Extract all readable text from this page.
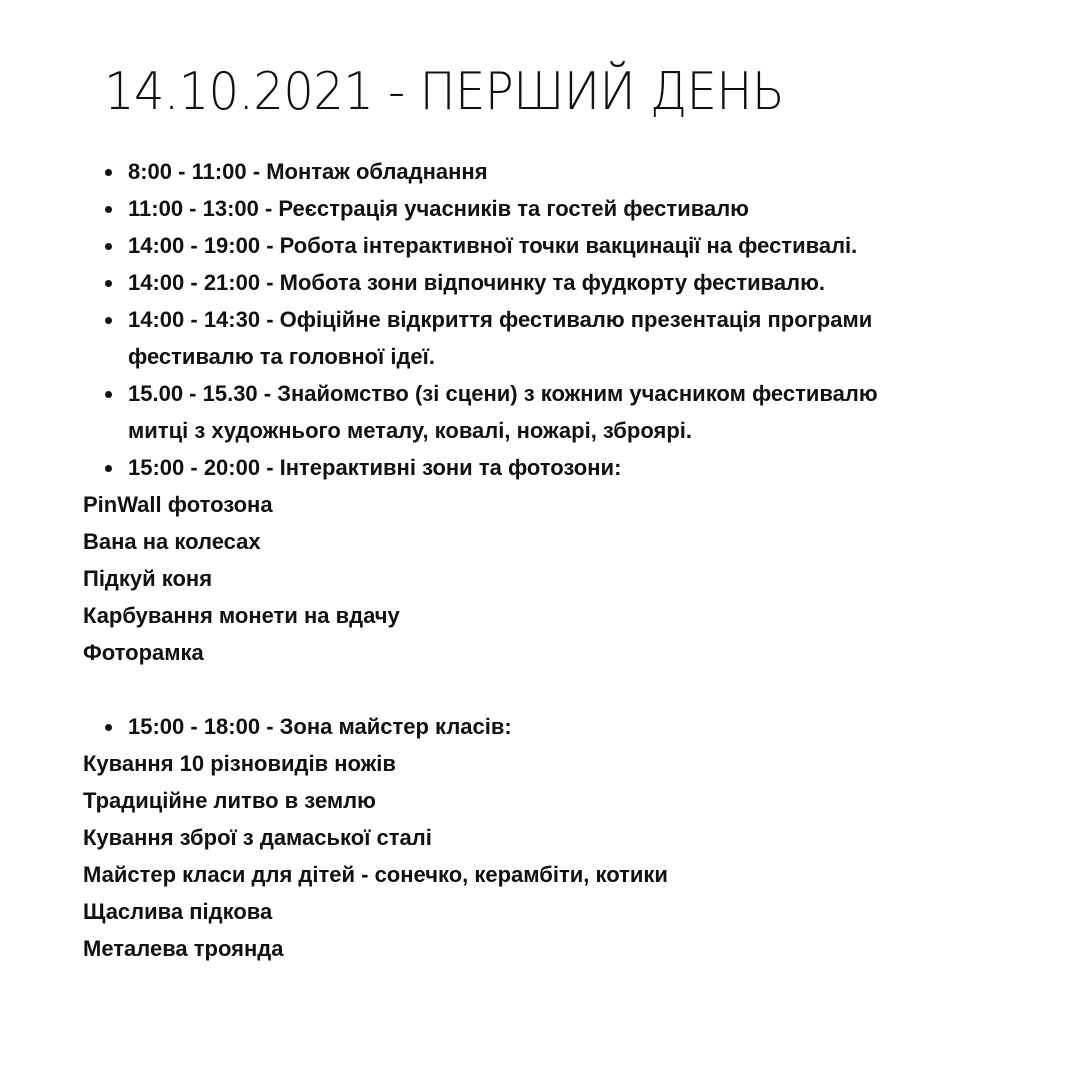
14.10.2021 - ПЕРШИЙ ДЕНЬ
8:00 - 11:00 - Монтаж обладнання
11:00 - 13:00 - Реєстрація учасників та гостей фестивалю
14:00 - 19:00 - Робота інтерактивної точки вакцинації на фестивалі.
14:00 - 21:00 - Мобота зони відпочинку та фудкорту фестивалю.
14:00 - 14:30 - Офіційне відкриття фестивалю презентація програми
фестивалю та головної ідеї.
15.00 - 15.30 - Знайомство (зі сцени) з кожним учасником фестивалю
митці з художнього металу, ковалі, ножарі, зброярі.
15:00 - 20:00 - Інтерактивні зони та фотозони:
PinWall фотозона
Вана на колесах
Підкуй коня
Карбування монети на вдачу
Фоторамка
15:00 - 18:00 - Зона майстер класів:
Кування 10 різновидів ножів
Традиційне литво в землю
Кування зброї з дамаської сталі
Майстер класи для дітей - сонечко, керамбіти, котики
Щаслива підкова
Металева троянда
